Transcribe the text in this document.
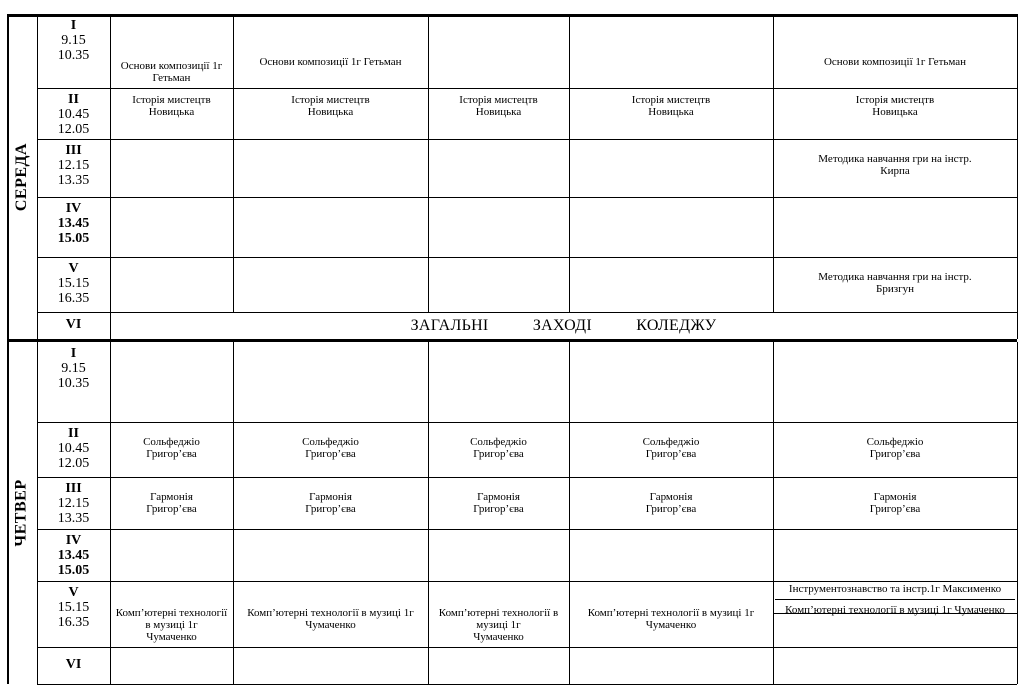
СЕРЕДА
I
9.15
10.35
Основи композиції 1г
Гетьман
Основи композиції 1г Гетьман	Основи композиції 1г Гетьман
II
10.45
12.05
Історія мистецтв
Новицька
Історія мистецтв
Новицька
Історія мистецтв
Новицька
Історія мистецтв
Новицька
Історія мистецтв
Новицька
III
12.15
13.35
Методика навчання гри на інстр.
Кирпа
IV
13.45
15.05
V
15.15
16.35
Методика навчання гри на інстр.
Бризгун
VI	ЗАГАЛЬНІ ЗАХОДІ КОЛЕДЖУ
ЧЕТВЕР
I
9.15
10.35
II
10.45
12.05
Сольфеджіо
Григор’єва
Сольфеджіо
Григор’єва
Сольфеджіо
Григор’єва
Сольфеджіо
Григор’єва
Сольфеджіо
Григор’єва
III
12.15
13.35
Гармонія
Григор’єва
Гармонія
Григор’єва
Гармонія
Григор’єва
Гармонія
Григор’єва
Гармонія
Григор’єва
IV
13.45
15.05
V
15.15
16.35
Комп’ютерні технології в музиці 1г
Чумаченко
Комп’ютерні технології в музиці 1г
Чумаченко
Комп’ютерні технології в музиці 1г
Чумаченко
Комп’ютерні технології в музиці 1г
Чумаченко
Інструментознавство та інстр.1г Максименко
Комп’ютерні технології в музиці 1г Чумаченко
VI
